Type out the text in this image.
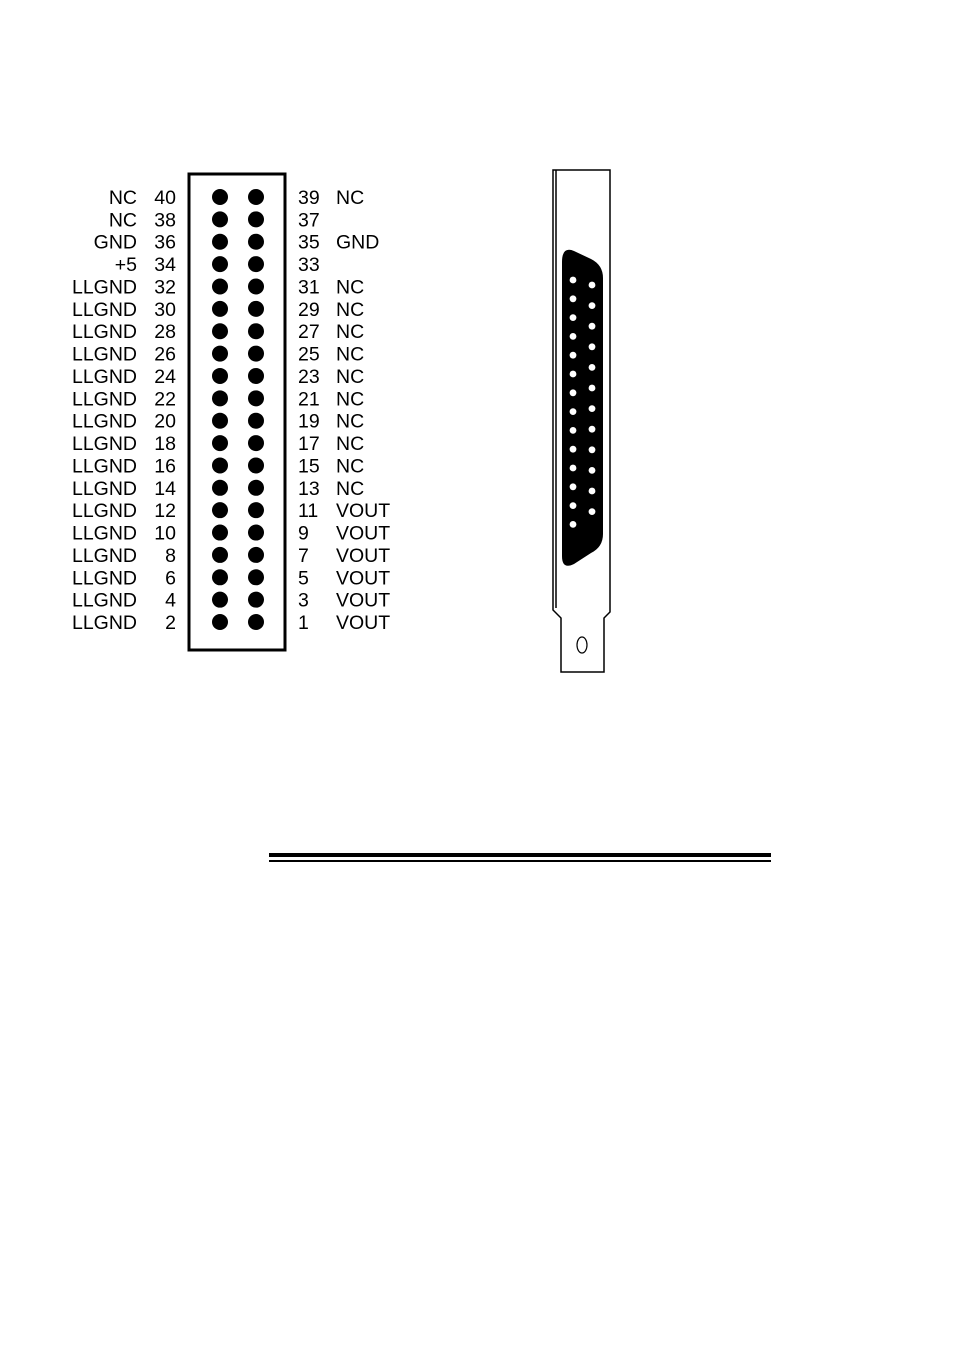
NC 40
NC 38
GND 36
+5 34
LLGND 32
LLGND 30
LLGND 28
LLGND 26
LLGND 24
LLGND 22
LLGND 20
LLGND 18
LLGND 16
LLGND 14
LLGND 12
LLGND 10
LLGND 8
LLGND 6
LLGND 4
LLGND 2
39 NC
37
35 GND
33
31 NC
29 NC
27 NC
25 NC
23 NC
21 NC
19 NC
17 NC
15 NC
13 NC
11 VOUT
9 VOUT
7 VOUT
5 VOUT
3 VOUT
1 VOUT
